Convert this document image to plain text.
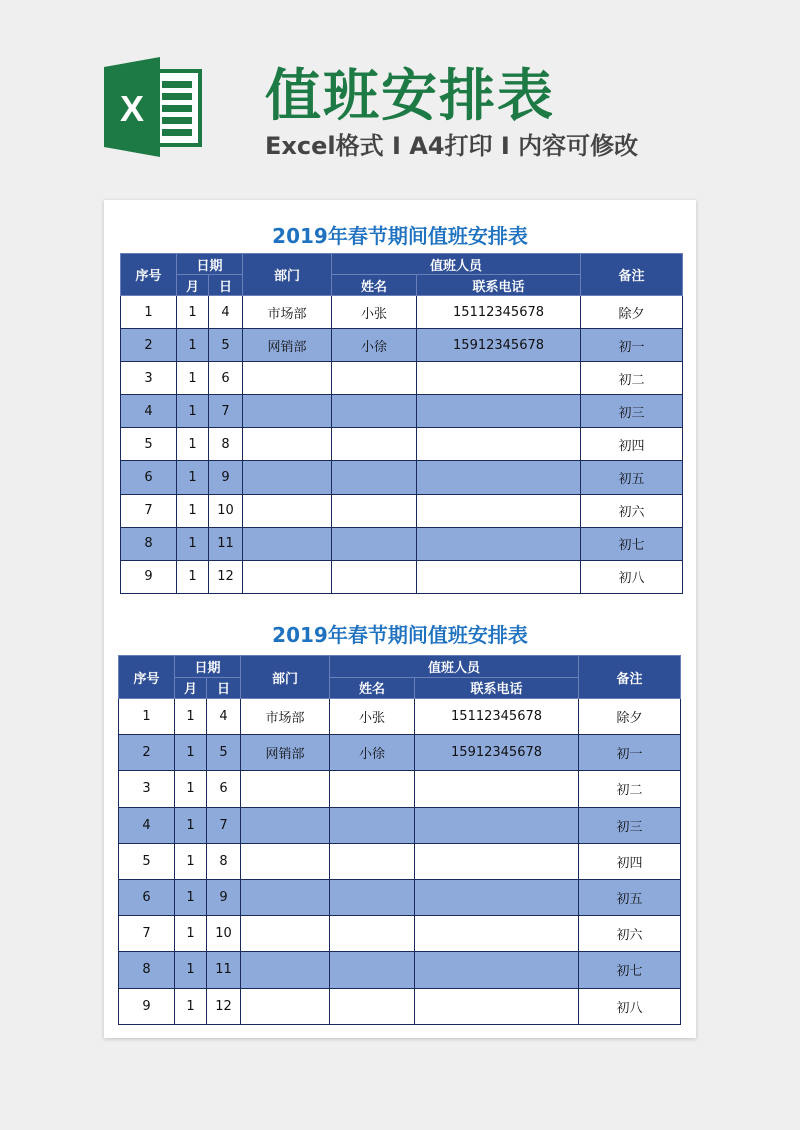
X 值班安排表
Excel格式 I A4打印 I 内容可修改
2019年春节期间值班安排表
序号	日期		部门	值班人员		备注
	月	日		姓名	联系电话	
1	1	4	市场部	小张	15112345678	除夕
2	1	5	网销部	小徐	15912345678	初一
3	1	6				初二
4	1	7				初三
5	1	8				初四
6	1	9				初五
7	1	10				初六
8	1	11				初七
9	1	12				初八
2019年春节期间值班安排表
序号	日期		部门	值班人员		备注
	月	日		姓名	联系电话	
1	1	4	市场部	小张	15112345678	除夕
2	1	5	网销部	小徐	15912345678	初一
3	1	6				初二
4	1	7				初三
5	1	8				初四
6	1	9				初五
7	1	10				初六
8	1	11				初七
9	1	12				初八
